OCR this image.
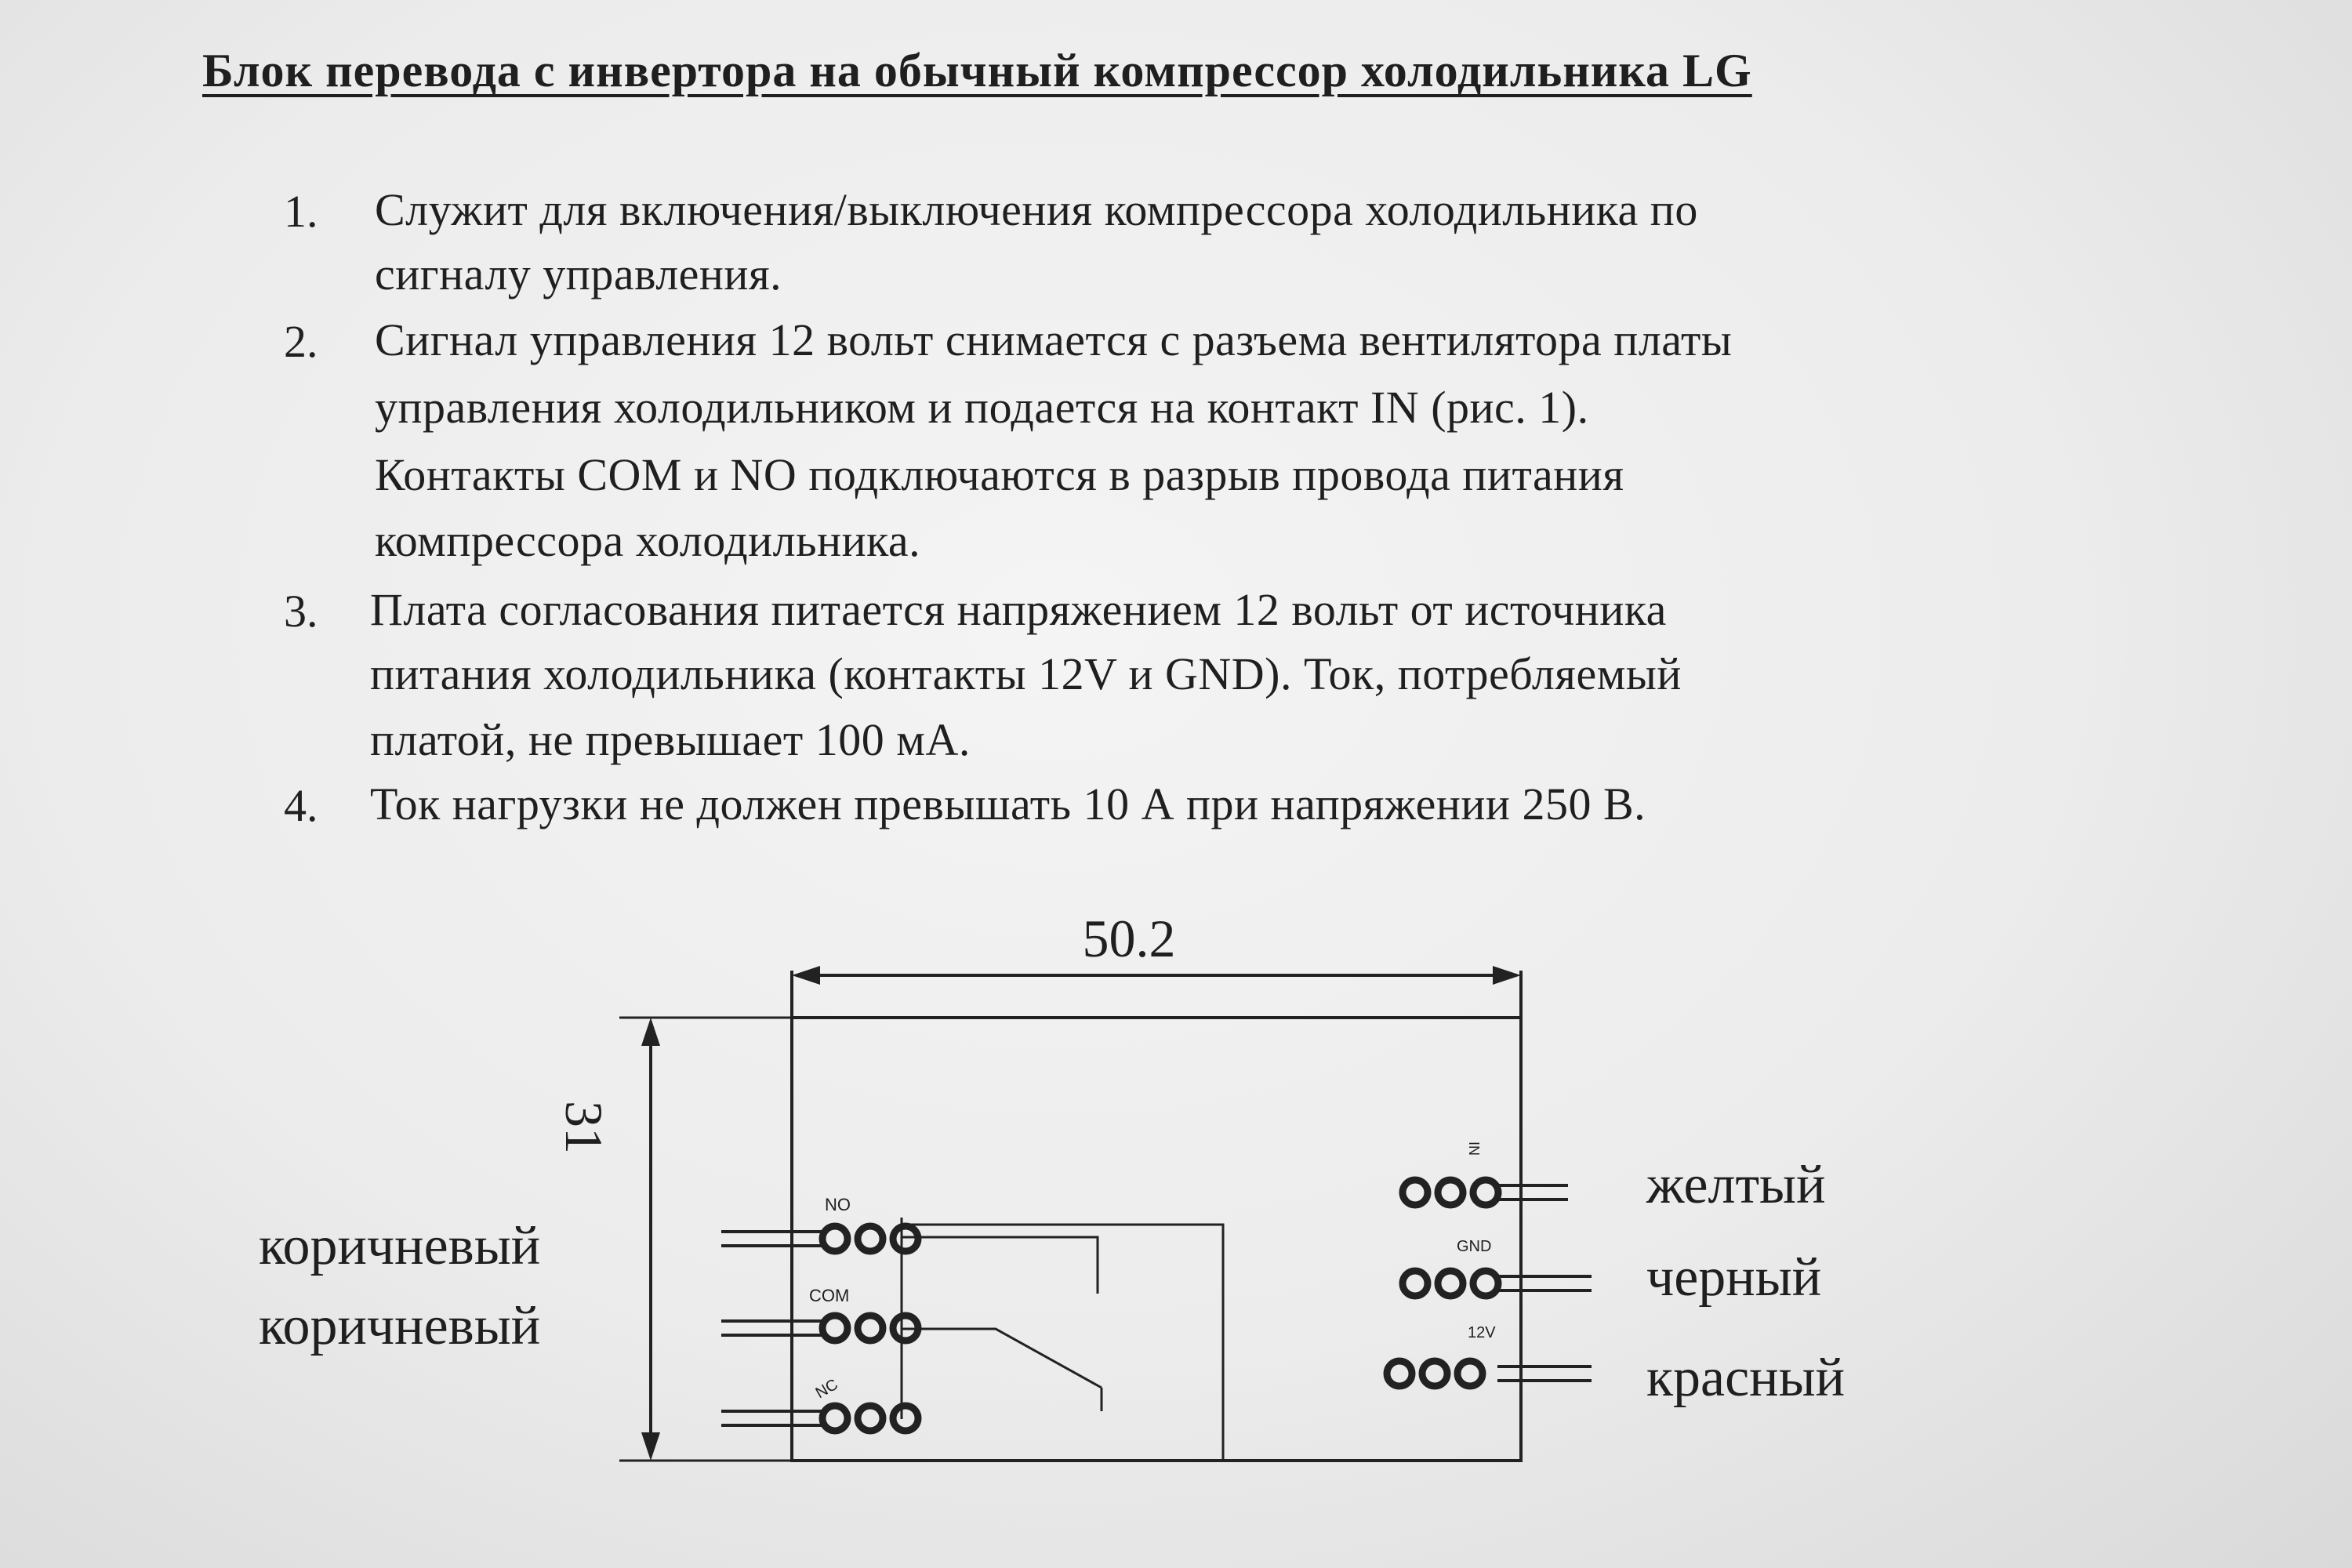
Блок перевода с инвертора на обычный компрессор холодильника LG
1. Служит для включения/выключения компрессора холодильника по
сигналу управления.
2. Сигнал управления 12 вольт снимается с разъема вентилятора платы
управления холодильником и подается на контакт IN (рис. 1).
Контакты COM и NO подключаются в разрыв провода питания
компрессора холодильника.
3. Плата согласования питается напряжением 12 вольт от источника
питания холодильника (контакты 12V и GND). Ток, потребляемый
платой, не превышает 100 мА.
4. Ток нагрузки не должен превышать 10 А при напряжении 250 В.
50.2
31
NO
COM
NC
IN
GND
12V
коричневый
коричневый
желтый
черный
красный
